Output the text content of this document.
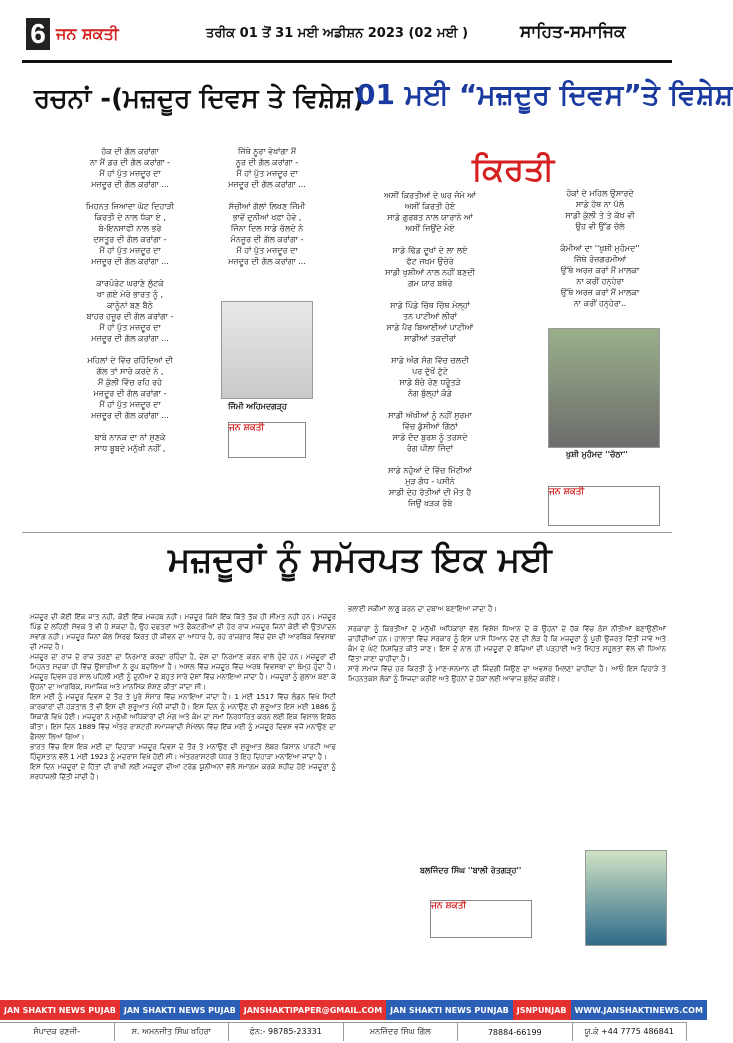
6 ਜਨ ਸ਼ਕਤੀ	ਤਰੀਕ 01 ਤੋਂ 31 ਮਈ ਅਡੀਸ਼ਨ 2023 (02 ਮਈ )	ਸਾਹਿਤ-ਸਮਾਜਿਕ
ਰਚਨਾਂ -(ਮਜ਼ਦੂਰ ਦਿਵਸ ਤੇ ਵਿਸ਼ੇਸ਼)
ਹੱਕ ਦੀ ਗੱਲ ਕਰਾਂਗਾ
ਨਾ ਮੈਂ ਡਰ ਦੀ ਗੱਲ ਕਰਾਂਗਾ -
ਮੈਂ ਹਾਂ ਪੁੱਤ ਮਜ਼ਦੂਰ ਦਾ
ਮਜ਼ਦੂਰ ਦੀ ਗੱਲ ਕਰਾਂਗਾ ...

ਮਿਹਨਤ ਜਿਆਦਾ ਘੱਟ ਦਿਹਾੜੀ
ਕਿਰਤੀ ਦੇ ਨਾਲ ਧੱਕਾ ਏ ,
ਬੇ-ਇਨਸਾਫੀ ਨਾਲ ਭਰੇ
ਦਸਤੂਰ ਦੀ ਗੱਲ ਕਰਾਂਗਾ -
ਮੈਂ ਹਾਂ ਪੁੱਤ ਮਜ਼ਦੂਰ ਦਾ
ਮਜ਼ਦੂਰ ਦੀ ਗੱਲ ਕਰਾਂਗਾ ...

ਕਾਰਪੋਰੇਟ ਘਰਾਣੇ ਲੁੱਟਕੇ
ਖਾ ਗਏ ਮੇਰੇ ਭਾਰਤ ਨੂੰ ,
ਕਾਨੂੰਨਾਂ ਬਣ ਬੈਠੇ
ਬਾਹਰ ਹਜ਼ੂਰ ਦੀ ਗੱਲ ਕਰਾਂਗਾ -
ਮੈਂ ਹਾਂ ਪੁੱਤ ਮਜ਼ਦੂਰ ਦਾ
ਮਜ਼ਦੂਰ ਦੀ ਗੱਲ ਕਰਾਂਗਾ ...

ਮਹਿਲਾਂ ਦੇ ਵਿੱਚ ਰਹਿੰਦਿਆਂ ਦੀ
ਗੱਲ ਤਾਂ ਸਾਰੇ ਕਰਦੇ ਨੇ ,
ਮੈਂ ਕੁੱਲੀ ਵਿੱਚ ਰਹਿ ਰਹੇ
ਮਜ਼ਦੂਰ ਦੀ ਗੱਲ ਕਰਾਂਗਾ -
ਮੈਂ ਹਾਂ ਪੁੱਤ ਮਜ਼ਦੂਰ ਦਾ
ਮਜ਼ਦੂਰ ਦੀ ਗੱਲ ਕਰਾਂਗਾ ...

ਬਾਬੇ ਨਾਨਕ ਦਾ ਨਾਂ ਸੁਣਕੇ
ਸਾਧ ਬੂਬਦੇ ਮਨੁੱਖੀ ਨਹੀਂ ,
ਜਿੱਥੇ ਨੂਰਾ ਵੇਖਾਂਗਾ ਮੈਂ
ਨੂਰ ਦੀ ਗੱਲ ਕਰਾਂਗਾ -
ਮੈਂ ਹਾਂ ਪੁੱਤ ਮਜ਼ਦੂਰ ਦਾ
ਮਜ਼ਦੂਰ ਦੀ ਗੱਲ ਕਰਾਂਗਾ ...

ਸੱਚੀਆਂ ਗੱਲਾਂ ਲਿਖਣ ਜਿੰਮੀ
ਭਾਵੇਂ ਦੁਨੀਆਂ ਖਫ਼ਾ ਹੋਵੇ ,
ਜਿੰਨਾ ਦਿਲ ਸਾਡੇ ਚੱਲਦੇ ਨੇ
ਮੰਨਜ਼ੂਰ ਦੀ ਗੱਲ ਕਰਾਂਗਾ -
ਮੈਂ ਹਾਂ ਪੁੱਤ ਮਜ਼ਦੂਰ ਦਾ
ਮਜ਼ਦੂਰ ਦੀ ਗੱਲ ਕਰਾਂਗਾ ...
ਜਿੰਮੀ ਅਹਿਮਦਗੜ੍ਹ
ਜਨ ਸ਼ਕਤੀ
01 ਮਈ “ਮਜ਼ਦੂਰ ਦਿਵਸ”ਤੇ ਵਿਸ਼ੇਸ਼
ਕਿਰਤੀ
ਅਸੀਂ ਕਿਰਤੀਆਂ ਦੇ ਘਰ ਜੰਮੇ ਆਂ
ਅਸੀਂ ਕਿਰਤੀ ਹੋਏ
ਸਾਡੇ ਗੁਰਬਤ ਨਾਲ ਯਾਰਾਨੇ ਆਂ
ਅਸੀਂ ਜਿਉਂਦੇ ਮੋਏ

ਸਾਡੇ ਢਿੱਡ ਦੂਖਾਂ ਦੇ ਲਾ ਲਏ
ਫੱਟ ਜ਼ਖ਼ਮ ਉਚੇਰੇ
ਸਾਡੀ ਖੁਸ਼ੀਆਂ ਨਾਲ ਨਹੀਂ ਬਣਦੀ
ਗ਼ਮ ਯਾਰ ਬਥੇਰੇ

ਸਾਡੇ ਪਿੰਡੇ ਚਿੱਥ ਚਿੱਥ ਮੇਲ੍ਹਾਂ
ਤਨ ਪਾਟੀਆਂ ਲੀਰਾਂ
ਸਾਡੇ ਪੈਰ ਬਿਆਈਆਂ ਪਾਟੀਆਂ
ਸਾਡੀਆਂ ਤਕਦੀਰਾਂ

ਸਾਡੇ ਅੰਗ ਸੰਗ ਵਿੱਚ ਚਲਦੀ
ਪਰ ਦੁੱਖੋਂ ਟੁੱਟੇ
ਸਾਡੇ ਬੱਚੇ ਰੋਣ ਧਰੂੰਤੜੇ
ਨੰਗ ਬੁੱਲ੍ਹਾਂ ਕੰਡੇ

ਸਾਡੀ ਅੱਖੀਆਂ ਨੂੰ ਨਹੀਂ ਸੁਰਮਾ
ਵਿੱਚ ਡੁੱਸੀਆਂ ਗਿੱਠਾਂ
ਸਾਡੇ ਦੰਦ ਬੁਰਸ਼ ਨੂੰ ਤਰਸਦੇ
ਰੰਗ ਪੀਲਾ ਜਿੰਦਾਂ

ਸਾਡੇ ਨਹੁੰਆਂ ਦੇ ਵਿੱਚ ਮਿੱਟੀਆਂ
ਮੁੜ ਗੰਧ - ਪਸੀਨੇ
ਸਾਡੀ ਦੇਹ ਰੱਤੀਆਂ ਦੀ ਮੌਤ ਹੈ
ਜਿਉਂ ਖੜਕ ਰੱਬੇ
ਹੋਕਾਂ ਦੇ ਮਹਿਲ ਉਸਾਰਦੇ
ਸਾਡੇ ਹੱਥ ਨਾ ਪੱਲੇ
ਸਾਡੀ ਕੁੱਲੀ ਤੇ ਤੇ ਕੱਖ ਵੀ
ਉਹ ਵੀ ਉੱਡ ਚੱਲੇ

ਕੰਮੀਆਂ ਦਾ ''ਖੁਸ਼ੀ ਮੁਹੰਮਦ''
ਜਿੱਥੇ ਰੋਜ਼ਗਰਮੀਆਂ
ਉੱਥੇ ਅਰਜ਼ ਕਰਾਂ ਮੈਂ ਮਾਲਕਾ
ਨਾ ਕਰੀਂ ਹਨ੍ਹੇਰਾ
ਉੱਥੇ ਅਰਜ਼ ਕਰਾਂ ਮੈਂ ਮਾਲਕਾ
ਨਾ ਕਰੀਂ ਹਨ੍ਹੇਰਾ..
ਖੁਸ਼ੀ ਮੁਹੰਮਦ ''ਚੱਠਾ''
ਜਨ ਸ਼ਕਤੀ
ਮਜ਼ਦੂਰਾਂ ਨੂੰ ਸਮੱਰਪਤ ਇਕ ਮਈ
ਮਜ਼ਦੂਰ ਦੀ ਕੋਈ ਇੱਕ ਜਾਤ ਨਹੀਂ, ਕੋਈ ਇੱਕ ਮਜ਼ਹਬ ਨਹੀਂ। ਮਜ਼ਦੂਰ ਕਿਸੇ ਇੱਕ ਕਿੱਤੇ ਤੱਕ ਹੀ ਸੀਮਤ ਨਹੀਂ ਹਨ। ਮਜ਼ਦੂਰ ਪਿੰਡ ਦੇ ਲਹਿਣੀ ਸੇਵਕ ਤੇ ਵੀ ਹੋ ਸਕਦਾ ਹੈ, ਉਹ ਦਫਤਰਾਂ ਅਤੇ ਫੈਕਟਰੀਆਂ ਦੀ ਹੋਰ ਰਾਜ ਮਜ਼ਦੂਰ ਜਿਨਾਂ ਕੋਈ ਵੀ ਉਤਪਾਦਨ ਸਵਾਂਗ ਨਹੀਂ। ਮਜ਼ਦੂਰ ਜਿਨਾਂ ਕੋਲ ਸਿਰਫ ਕਿਰਤ ਹੀ ਜੀਵਨ ਦਾ ਆਧਾਰ ਹੈ, ਰਹ ਰਾਜ਼ਗਾਰ ਵਿੱਚ ਦੇਸ਼ ਦੀ ਆਰਥਿਕ ਵਿਵਸਥਾ ਦੀ ਮਜ਼ਦ ਹੈ।
ਮਜ਼ਦੂਰ ਦਾ ਰਾਜ਼ ਦੇ ਰਾਜ਼ ਤਰਣਾਂ ਦਾ ਨਿਰਮਾਣ ਕਰਦਾ ਰਹਿੰਦਾ ਹੈ, ਦੇਸ਼ ਦਾ ਨਿਰਮਾਣ ਕਰਨ ਵਾਲੇ ਹੁੰਦੇ ਹਨ। ਮਜ਼ਦੂਰਾਂ ਦੀ ਮਿਹਨਤ ਸਦਕਾ ਹੀ ਵਿੱਚ ਉਸਾਰੀਆਂ ਨੇ ਰੂਪ ਬਦਲਿਆ ਹੈ। ਅਸਲ ਵਿੱਚ ਮਜ਼ਦੂਰ ਵਿੱਚ ਅਰਥ ਵਿਵਸਥਾ ਦਾ ਥੰਮ੍ਹ ਹੁੰਦਾ ਹੈ। ਮਜ਼ਦੂਰ ਦਿਵਸ ਹਰ ਸਾਲ ਪਹਿਲੀ ਮਈ ਨੂੰ ਦੁਨੀਆ ਦੇ ਬਹੁਤ ਸਾਰੇ ਦੇਸ਼ਾਂ ਵਿੱਚ ਮਨਾਇਆ ਜਾਂਦਾ ਹੈ। ਮਜ਼ਦੂਰਾਂ ਨੂੰ ਗੁਲਾਮ ਬਣਾ ਕੇ ਉਹਨਾਂ ਦਾ ਆਰਥਿਕ, ਸਮਾਜਿਕ ਅਤੇ ਮਾਨਸਿਕ ਸ਼ੋਸ਼ਣ ਕੀਤਾ ਜਾਂਦਾ ਸੀ।
ਇਸ ਮਈ ਨੂੰ ਮਜ਼ਦੂਰ ਦਿਵਸ ਦੇ ਤੌਰ ਤੇ ਪੂਰੇ ਸੰਸਾਰ ਵਿੱਚ ਮਨਾਇਆ ਜਾਂਦਾ ਹੈ। 1 ਮਈ 1517 ਵਿੱਚ ਲੰਡਨ ਵਿਖੇ ਸਿਟੀ ਕਾਰਕਾਰਾਂ ਦੀ ਹੜਤਾਲ ਤੋਂ ਵੀ ਇਸ ਦੀ ਸ਼ੁਰੂਆਤ ਮੰਨੀ ਜਾਂਦੀ ਹੈ। ਇਸ ਦਿਨ ਨੂੰ ਮਨਾਉਣ ਦੀ ਸ਼ੁਰੂਆਤ ਇਸ ਮਈ 1886 ਨੂੰ ਸ਼ਿਕਾਗੋ ਵਿਖੇ ਹੋਈ। ਮਜ਼ਦੂਰਾਂ ਨੇ ਮਨੁੱਖੀ ਅਧਿਕਾਰਾਂ ਦੀ ਮੰਗ ਅਤੇ ਕੰਮ ਦਾ ਸਮਾਂ ਨਿਰਧਾਰਿਤ ਕਰਨ ਲਈ ਇਕ ਵਿਸ਼ਾਲ ਇਕੱਠ ਕੀਤਾ। ਇਸ ਦਿਨ 1889 ਵਿੱਚ ਅੰਤਰ ਰਾਸ਼ਟਰੀ ਸਮਾਜਵਾਦੀ ਸੰਮੇਲਨ ਵਿੱਚ ਇੱਕ ਮਈ ਨੂੰ ਮਜ਼ਦੂਰ ਦਿਵਸ ਵਜੋਂ ਮਨਾਉਣ ਦਾ ਫੈਸਲਾ ਲਿਆ ਗਿਆ।
ਭਾਰਤ ਵਿੱਚ ਇਸ ਇਕ ਮਈ ਦਾ ਦਿਹਾੜਾ ਮਜ਼ਦੂਰ ਦਿਵਸ ਦੇ ਤੌਰ ਤੇ ਮਨਾਉਣ ਦੀ ਸ਼ੁਰੂਆਤ ਲੇਬਰ ਕਿਸਾਨ ਪਾਰਟੀ ਆਫ ਹਿੰਦੁਸਤਾਨ ਵੱਲੋਂ 1 ਮਈ 1923 ਨੂੰ ਮਦਰਾਸ ਵਿਖੇ ਹੋਈ ਸੀ। ਅੰਤਰਰਾਸ਼ਟਰੀ ਪੱਧਰ ਤੇ ਇਹ ਦਿਹਾੜਾ ਮਨਾਇਆ ਜਾਂਦਾ ਹੈ।
ਇਸ ਦਿਨ ਮਜ਼ਦੂਰਾਂ ਦੇ ਹਿੱਤਾਂ ਦੀ ਰਾਖੀ ਲਈ ਮਜ਼ਦੂਰਾਂ ਦੀਆਂ ਟਰੇਡ ਯੂਨੀਅਨਾਂ ਵੱਲੋਂ ਸਮਾਗਮ ਕਰਕੇ ਸ਼ਹੀਦ ਹੋਏ ਮਜ਼ਦੂਰਾਂ ਨੂੰ ਸ਼ਰਧਾਂਜਲੀ ਦਿੱਤੀ ਜਾਂਦੀ ਹੈ।
ਭਲਾਈ ਸਕੀਮਾਂ ਲਾਗੂ ਕਰਨ ਦਾ ਦਬਾਅ ਬਣਾਇਆ ਜਾਂਦਾ ਹੈ।

ਸਰਕਾਰਾਂ ਨੂੰ ਕਿਰਤੀਆਂ ਦੇ ਮਨੁੱਖੀ ਅਧਿਕਾਰਾਂ ਵੱਲ ਵਿਸ਼ੇਸ਼ ਧਿਆਨ ਦੇ ਕੇ ਉਹਨਾਂ ਦੇ ਹੱਕ ਵਿੱਚ ਠੋਸ ਨੀਤੀਆਂ ਬਣਾਉਣੀਆਂ ਚਾਹੀਦੀਆਂ ਹਨ। ਹਾਲਾਤਾਂ ਵਿੱਚ ਸਰਕਾਰ ਨੂੰ ਇਸ ਪਾਸੇ ਧਿਆਨ ਦੇਣ ਦੀ ਲੋੜ ਹੈ ਕਿ ਮਜ਼ਦੂਰਾਂ ਨੂੰ ਪੂਰੀ ਉਜਰਤ ਦਿੱਤੀ ਜਾਵੇ ਅਤੇ ਕੰਮ ਦੇ ਘੰਟੇ ਨਿਸ਼ਚਿਤ ਕੀਤੇ ਜਾਣ। ਇਸ ਦੇ ਨਾਲ ਹੀ ਮਜ਼ਦੂਰਾਂ ਦੇ ਬੱਚਿਆਂ ਦੀ ਪੜ੍ਹਾਈ ਅਤੇ ਸਿਹਤ ਸਹੂਲਤਾਂ ਵੱਲ ਵੀ ਧਿਆਨ ਦਿੱਤਾ ਜਾਣਾ ਚਾਹੀਦਾ ਹੈ।
ਸਾਰੇ ਸਮਾਜ ਵਿੱਚ ਹਰ ਕਿਰਤੀ ਨੂੰ ਮਾਣ-ਸਨਮਾਨ ਦੀ ਜਿੰਦਗੀ ਜਿਉਣ ਦਾ ਅਵਸਰ ਮਿਲਣਾ ਚਾਹੀਦਾ ਹੈ। ਆਓ ਇਸ ਦਿਹਾੜੇ ਤੇ ਮਿਹਨਤਕਸ਼ ਲੋਕਾਂ ਨੂੰ ਸਿਜਦਾ ਕਰੀਏ ਅਤੇ ਉਹਨਾਂ ਦੇ ਹੱਕਾਂ ਲਈ ਆਵਾਜ਼ ਬੁਲੰਦ ਕਰੀਏ।
ਬਲਜਿੰਦਰ ਸਿੰਘ ''ਬਾਲੀ ਰੇਤਗੜ੍ਹ''
ਜਨ ਸ਼ਕਤੀ
JAN SHAKTI NEWS PUJAB JAN SHAKTI NEWS PUJAB JANSHAKTIPAPER@GMAIL.COM JAN SHAKTI NEWS PUNJAB JSNPUNJAB WWW.JANSHAKTINEWS.COM
ਸੰਪਾਦਕ ਰਣਜੀ-	ਸ. ਅਮਨਜੀਤ ਸਿੰਘ ਖਹਿਰਾ	ਫੋਨ:- 98785-23331	ਮਨਜਿੰਦਰ ਸਿੰਘ ਗਿੱਲ	78884-66199	ਯੂ.ਕੇ +44 7775 486841
